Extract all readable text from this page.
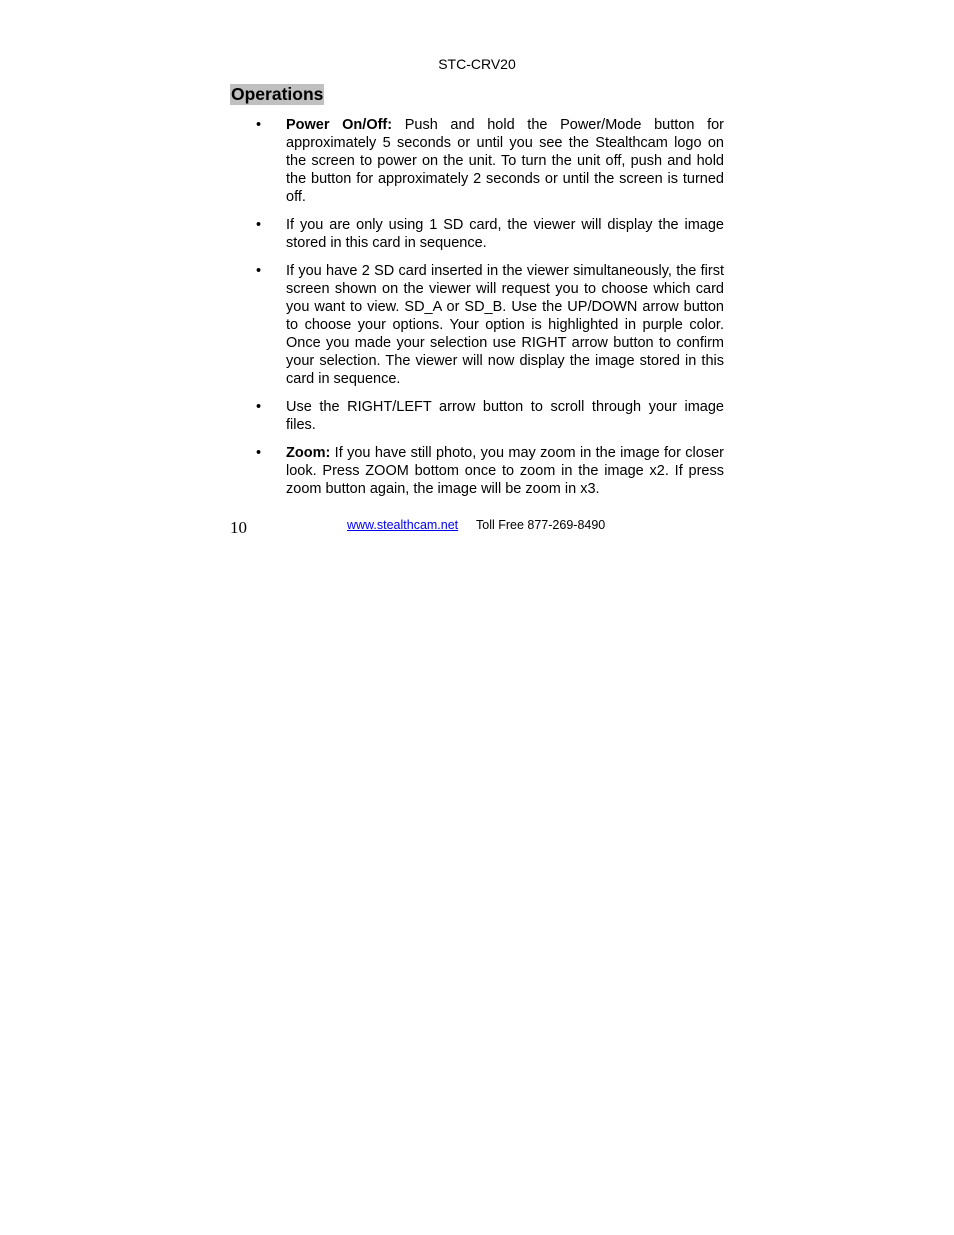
STC-CRV20
Operations
• Power On/Off: Push and hold the Power/Mode button for approximately 5 seconds or until you see the Stealthcam logo on the screen to power on the unit. To turn the unit off, push and hold the button for approximately 2 seconds or until the screen is turned off.
• If you are only using 1 SD card, the viewer will display the image stored in this card in sequence.
• If you have 2 SD card inserted in the viewer simultaneously, the first screen shown on the viewer will request you to choose which card you want to view. SD_A or SD_B. Use the UP/DOWN arrow button to choose your options. Your option is highlighted in purple color. Once you made your selection use RIGHT arrow button to confirm your selection. The viewer will now display the image stored in this card in sequence.
• Use the RIGHT/LEFT arrow button to scroll through your image files.
• Zoom: If you have still photo, you may zoom in the image for closer look. Press ZOOM bottom once to zoom in the image x2. If press zoom button again, the image will be zoom in x3.
10	www.stealthcam.net Toll Free 877-269-8490
